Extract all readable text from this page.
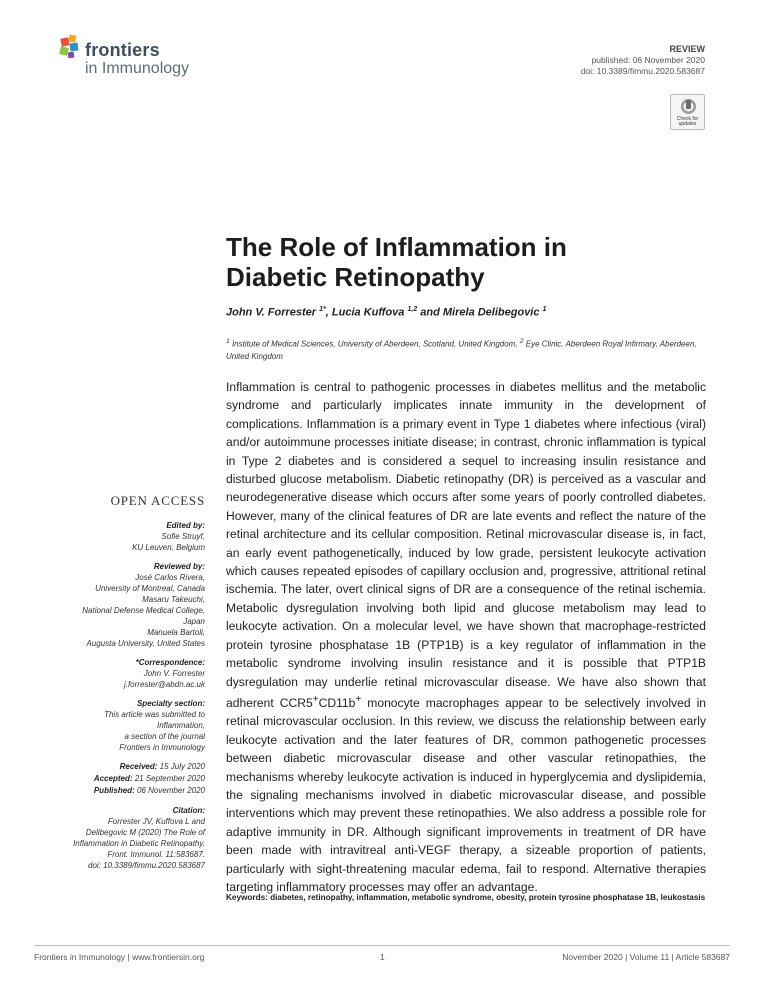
frontiers
in Immunology
REVIEW
published: 06 November 2020
doi: 10.3389/fimmu.2020.583687
Check for updates
The Role of Inflammation in
Diabetic Retinopathy
John V. Forrester $^{1*}$, Lucia Kuffova $^{1,2}$ and Mirela Delibegovic $^1$
$^1$ Institute of Medical Sciences, University of Aberdeen, Scotland, United Kingdom, $^2$ Eye Clinic, Aberdeen Royal Infirmary, Aberdeen, United Kingdom

Inflammation is central to pathogenic processes in diabetes mellitus and the metabolic syndrome and particularly implicates innate immunity in the development of complications. Inflammation is a primary event in Type 1 diabetes where infectious (viral) and/or autoimmune processes initiate disease; in contrast, chronic inflammation is typical in Type 2 diabetes and is considered a sequel to increasing insulin resistance and disturbed glucose metabolism. Diabetic retinopathy (DR) is perceived as a vascular and neurodegenerative disease which occurs after some years of poorly controlled diabetes. However, many of the clinical features of DR are late events and reflect the nature of the retinal architecture and its cellular composition. Retinal microvascular disease is, in fact, an early event pathogenetically, induced by low grade, persistent leukocyte activation which causes repeated episodes of capillary occlusion and, progressive, attritional retinal ischemia. The later, overt clinical signs of DR are a consequence of the retinal ischemia. Metabolic dysregulation involving both lipid and glucose metabolism may lead to leukocyte activation. On a molecular level, we have shown that macrophage-restricted protein tyrosine phosphatase 1B (PTP1B) is a key regulator of inflammation in the metabolic syndrome involving insulin resistance and it is possible that PTP1B dysregulation may underlie retinal microvascular disease. We have also shown that adherent CCR5+CD11b+ monocyte macrophages appear to be selectively involved in retinal microvascular occlusion. In this review, we discuss the relationship between early leukocyte activation and the later features of DR, common pathogenetic processes between diabetic microvascular disease and other vascular retinopathies, the mechanisms whereby leukocyte activation is induced in hyperglycemia and dyslipidemia, the signaling mechanisms involved in diabetic microvascular disease, and possible interventions which may prevent these retinopathies. We also address a possible role for adaptive immunity in DR. Although significant improvements in treatment of DR have been made with intravitreal anti-VEGF therapy, a sizeable proportion of patients, particularly with sight-threatening macular edema, fail to respond. Alternative therapies targeting inflammatory processes may offer an advantage.

Keywords: diabetes, retinopathy, inflammation, metabolic syndrome, obesity, protein tyrosine phosphatase 1B, leukostasis
OPEN ACCESS
Edited by:
Sofie Struyf,
KU Leuven, Belgium
Reviewed by:
José Carlos Rivera,
University of Montreal, Canada
Masaru Takeuchi,
National Defense Medical College,
Japan
Manuela Bartoli,
Augusta University, United States
*Correspondence:
John V. Forrester
j.forrester@abdn.ac.uk
Specialty section:
This article was submitted to
Inflammation,
a section of the journal
Frontiers in Immunology
Received: 15 July 2020
Accepted: 21 September 2020
Published: 06 November 2020
Citation:
Forrester JV, Kuffova L and
Delibegovic M (2020) The Role of
Inflammation in Diabetic Retinopathy.
Front. Immunol. 11:583687.
doi: 10.3389/fimmu.2020.583687
Frontiers in Immunology | www.frontiersin.org	1	November 2020 | Volume 11 | Article 583687
